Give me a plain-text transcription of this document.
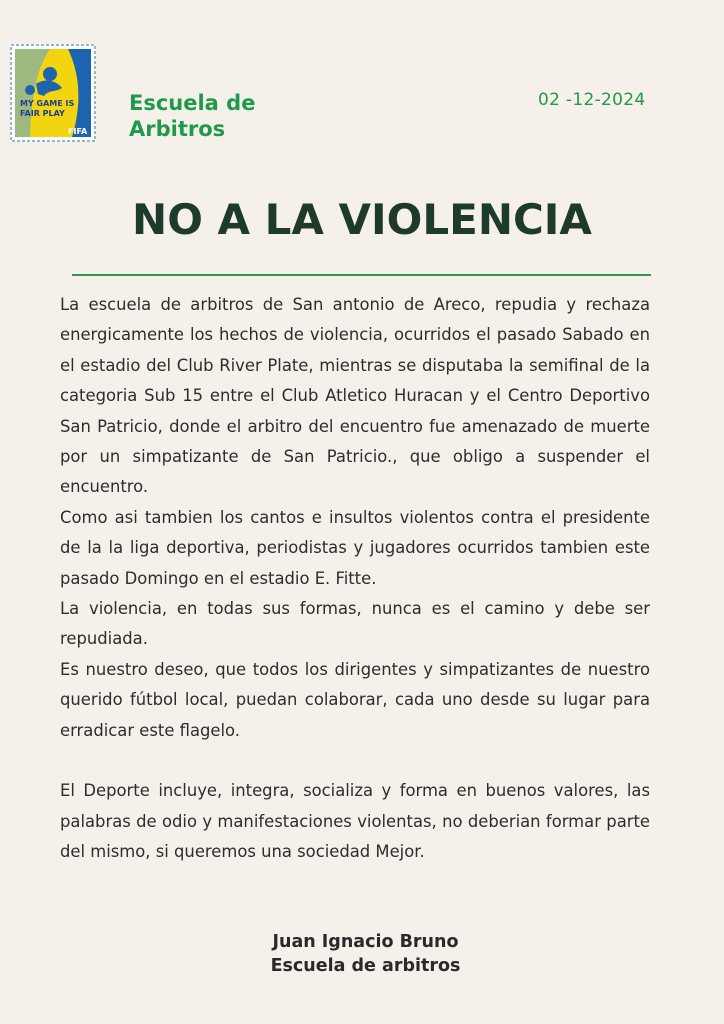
MY GAME IS
FAIR PLAY
FIFA
Escuela de
Arbitros
02 -12-2024
NO A LA VIOLENCIA

La escuela de arbitros de San antonio de Areco, repudia y rechaza energicamente los hechos de violencia, ocurridos el pasado Sabado en el estadio del Club River Plate, mientras se disputaba la semifinal de la categoria Sub 15 entre el Club Atletico Huracan y el Centro Deportivo San Patricio, donde el arbitro del encuentro fue amenazado de muerte por un simpatizante de San Patricio., que obligo a suspender el encuentro.

Como asi tambien los cantos e insultos violentos contra el presidente de la la liga deportiva, periodistas y jugadores ocurridos tambien este pasado Domingo en el estadio E. Fitte.

La violencia, en todas sus formas, nunca es el camino y debe ser repudiada.

Es nuestro deseo, que todos los dirigentes y simpatizantes de nuestro querido fútbol local, puedan colaborar, cada uno desde su lugar para erradicar este flagelo.

El Deporte incluye, integra, socializa y forma en buenos valores, las palabras de odio y manifestaciones violentas, no deberian formar parte del mismo, si queremos una sociedad Mejor.

Juan Ignacio Bruno
Escuela de arbitros
